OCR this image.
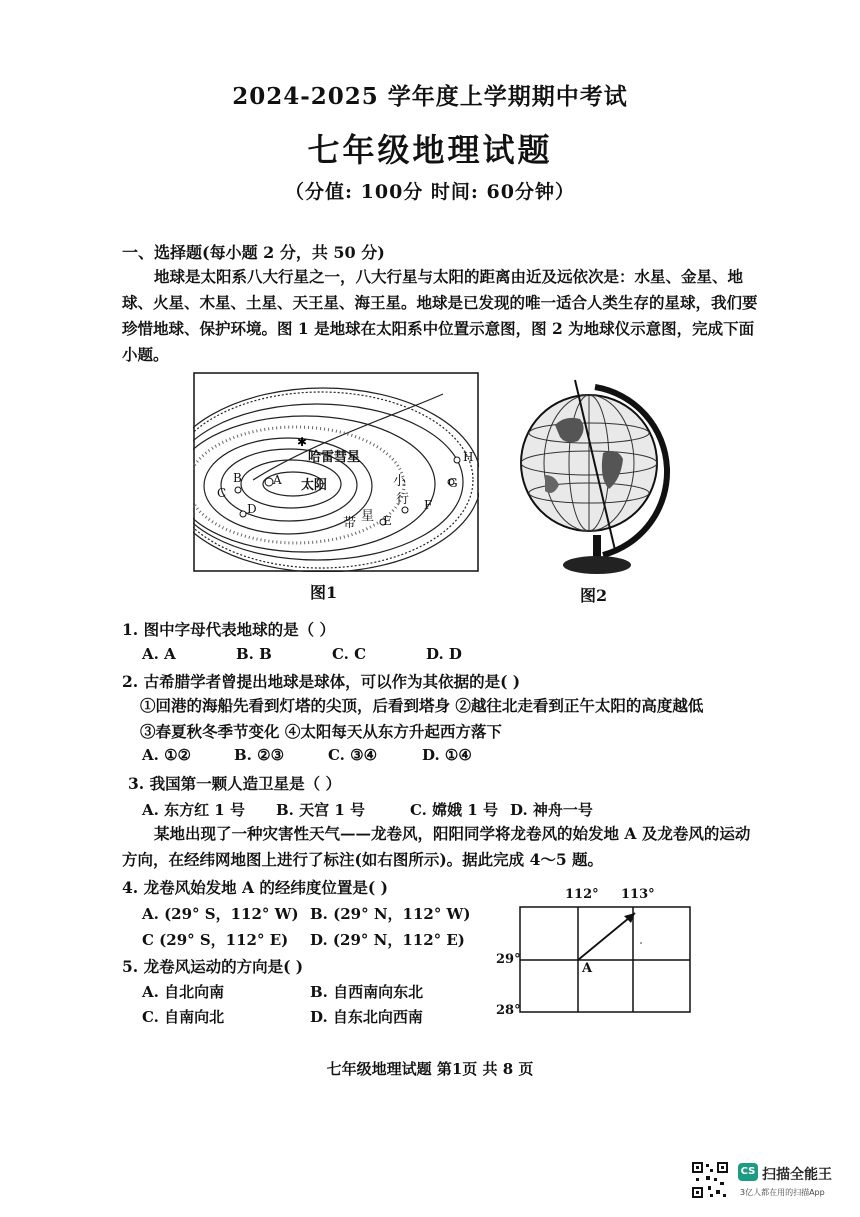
2024-2025 学年度上学期期中考试
七年级地理试题
（分值: 100分 时间: 60分钟）
一、选择题(每小题 2 分，共 50 分)
地球是太阳系八大行星之一，八大行星与太阳的距离由近及远依次是：水星、金星、地球、火星、木星、土星、天王星、海王星。地球是已发现的唯一适合人类生存的星球，我们要珍惜地球、保护环境。图 1 是地球在太阳系中位置示意图，图 2 为地球仪示意图，完成下面小题。
✱
哈雷彗星
太阳
A
B
C
D
E
F
G
H
小
行
带 星
图1	图2
1. 图中字母代表地球的是（ ）
A. A	B. B	C. C	D. D
2. 古希腊学者曾提出地球是球体，可以作为其依据的是( )
①回港的海船先看到灯塔的尖顶，后看到塔身 ②越往北走看到正午太阳的高度越低
③春夏秋冬季节变化 ④太阳每天从东方升起西方落下
A. ①②	B. ②③	C. ③④	D. ①④
3. 我国第一颗人造卫星是（ ）
A. 东方红 1 号 B. 天宫 1 号	C. 嫦娥 1 号 D. 神舟一号
某地出现了一种灾害性天气——龙卷风，阳阳同学将龙卷风的始发地 A 及龙卷风的运动方向，在经纬网地图上进行了标注(如右图所示)。据此完成 4～5 题。
4. 龙卷风始发地 A 的经纬度位置是( )
A. (29° S，112° W) B. (29° N，112° W)
C (29° S，112° E) D. (29° N，112° E)
5. 龙卷风运动的方向是( )
A. 自北向南	B. 自西南向东北
C. 自南向北	D. 自东北向西南
112° 113°
29°
28°
A
七年级地理试题 第1页 共 8 页
CS 扫描全能王
3亿人都在用的扫描App
